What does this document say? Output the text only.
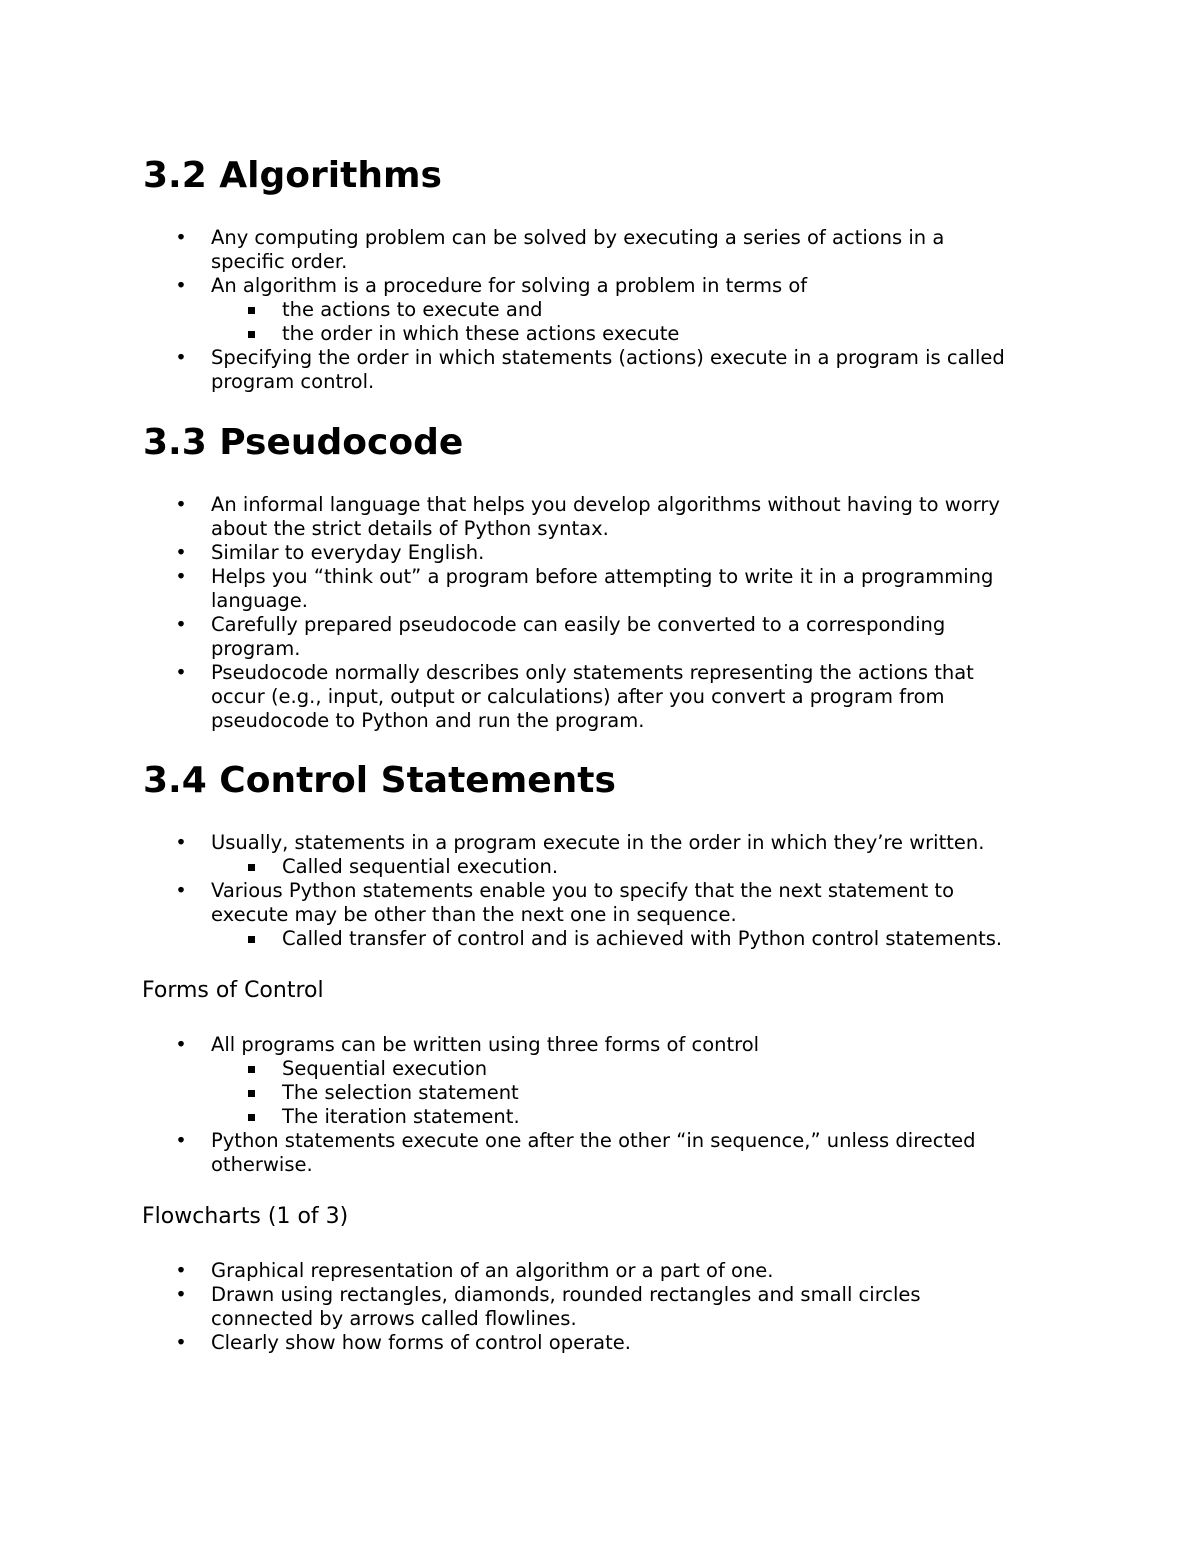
3.2 Algorithms
• Any computing problem can be solved by executing a series of actions in a
specific order.
• An algorithm is a procedure for solving a problem in terms of
the actions to execute and
the order in which these actions execute
• Specifying the order in which statements (actions) execute in a program is called
program control.
3.3 Pseudocode
• An informal language that helps you develop algorithms without having to worry
about the strict details of Python syntax.
• Similar to everyday English.
• Helps you “think out” a program before attempting to write it in a programming
language.
• Carefully prepared pseudocode can easily be converted to a corresponding
program.
• Pseudocode normally describes only statements representing the actions that
occur (e.g., input, output or calculations) after you convert a program from
pseudocode to Python and run the program.
3.4 Control Statements
• Usually, statements in a program execute in the order in which they’re written.
Called sequential execution.
• Various Python statements enable you to specify that the next statement to
execute may be other than the next one in sequence.
Called transfer of control and is achieved with Python control statements.
Forms of Control
• All programs can be written using three forms of control
Sequential execution
The selection statement
The iteration statement.
• Python statements execute one after the other “in sequence,” unless directed
otherwise.
Flowcharts (1 of 3)
• Graphical representation of an algorithm or a part of one.
• Drawn using rectangles, diamonds, rounded rectangles and small circles
connected by arrows called flowlines.
• Clearly show how forms of control operate.
